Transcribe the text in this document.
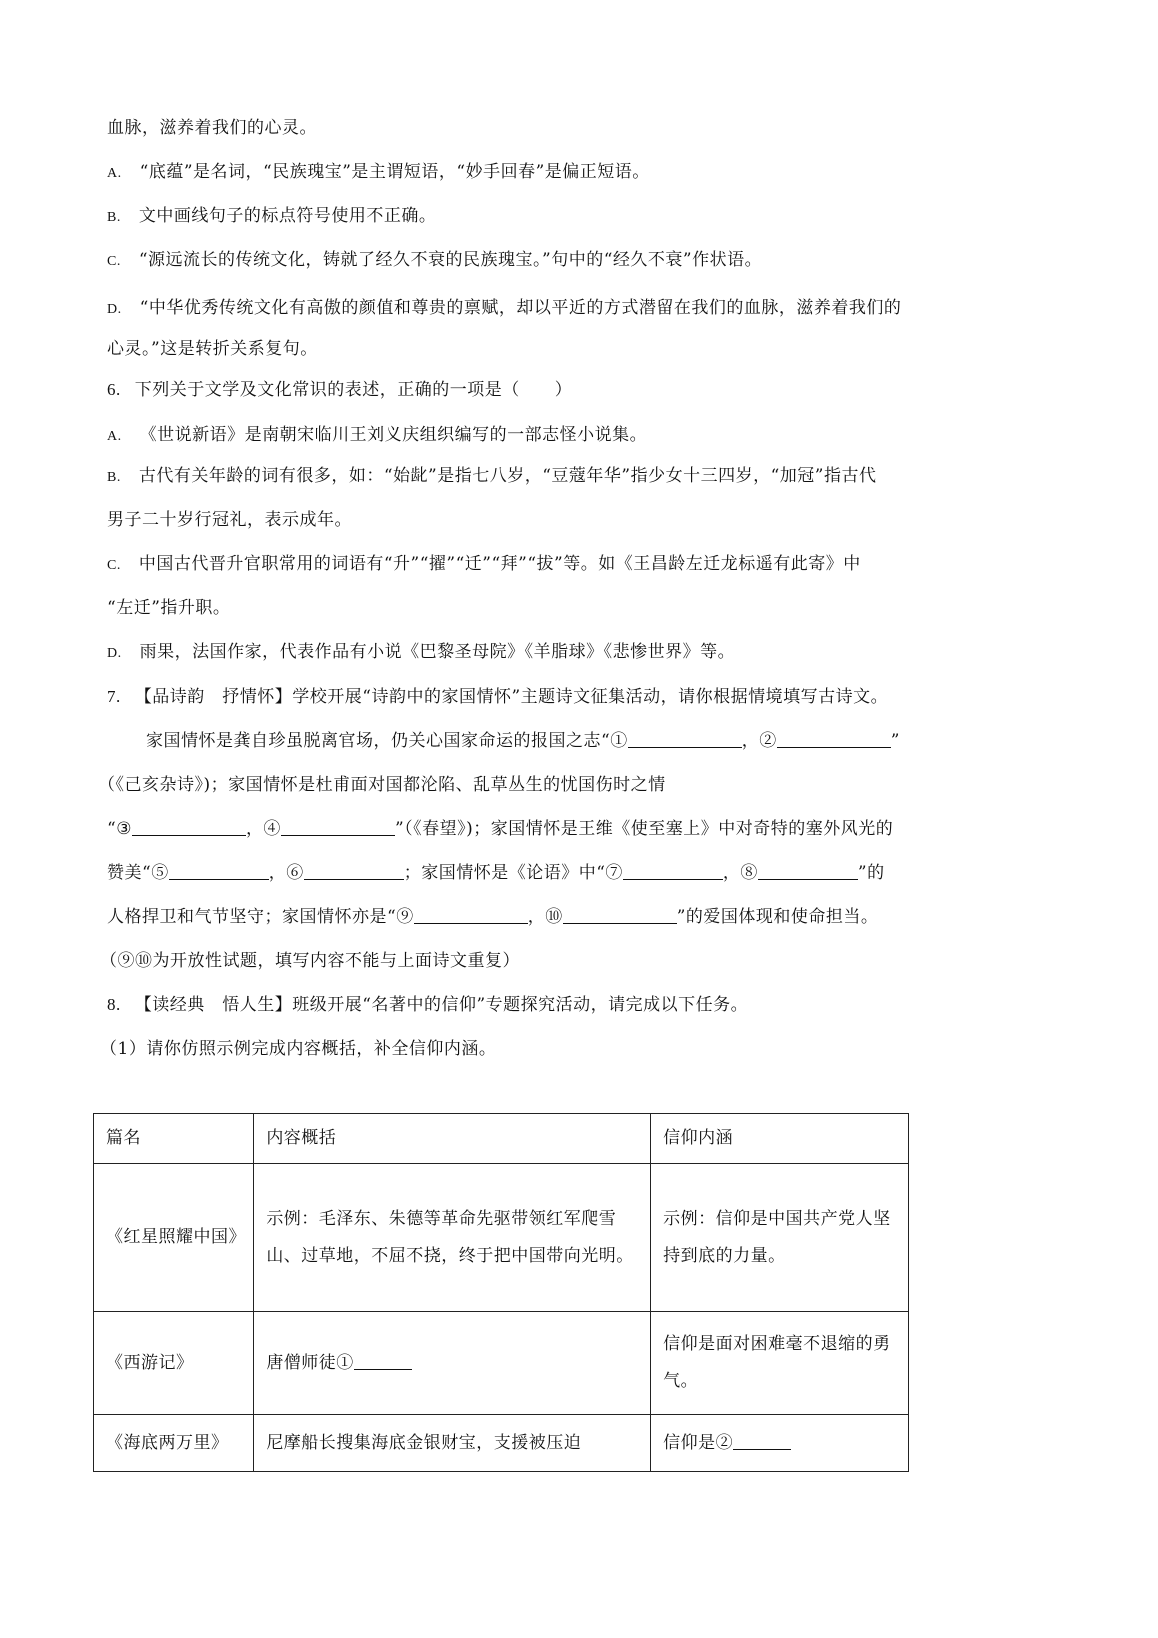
血脉，滋养着我们的心灵。
A. “底蕴”是名词，“民族瑰宝”是主谓短语，“妙手回春”是偏正短语。
B. 文中画线句子的标点符号使用不正确。
C. “源远流长的传统文化，铸就了经久不衰的民族瑰宝。”句中的“经久不衰”作状语。
D. “中华优秀传统文化有高傲的颜值和尊贵的禀赋，却以平近的方式潜留在我们的血脉，滋养着我们的
心灵。”这是转折关系复句。
6. 下列关于文学及文化常识的表述，正确的一项是（　　）
A. 《世说新语》是南朝宋临川王刘义庆组织编写的一部志怪小说集。
B. 古代有关年龄的词有很多，如：“始龀”是指七八岁，“豆蔻年华”指少女十三四岁，“加冠”指古代
男子二十岁行冠礼，表示成年。
C. 中国古代晋升官职常用的词语有“升”“擢”“迁”“拜”“拔”等。如《王昌龄左迁龙标遥有此寄》中
“左迁”指升职。
D. 雨果，法国作家，代表作品有小说《巴黎圣母院》《羊脂球》《悲惨世界》等。
7. 【品诗韵　抒情怀】学校开展“诗韵中的家国情怀”主题诗文征集活动，请你根据情境填写古诗文。
家国情怀是龚自珍虽脱离官场，仍关心国家命运的报国之志“①	，②	”
（《己亥杂诗》)；家国情怀是杜甫面对国都沦陷、乱草丛生的忧国伤时之情
“③	，④	”（《春望》)；家国情怀是王维《使至塞上》中对奇特的塞外风光的
赞美“⑤	，⑥	；家国情怀是《论语》中“⑦	，⑧	”的
人格捍卫和气节坚守；家国情怀亦是“⑨	，⑩	”的爱国体现和使命担当。
（⑨⑩为开放性试题，填写内容不能与上面诗文重复）
8. 【读经典　悟人生】班级开展“名著中的信仰”专题探究活动，请完成以下任务。
（1）请你仿照示例完成内容概括，补全信仰内涵。
篇名	内容概括	信仰内涵
《红星照耀中国》	示例：毛泽东、朱德等革命先驱带领红军爬雪山、过草地，不屈不挠，终于把中国带向光明。	示例：信仰是中国共产党人坚持到底的力量。
《西游记》	唐僧师徒①	信仰是面对困难毫不退缩的勇气。
《海底两万里》	尼摩船长搜集海底金银财宝，支援被压迫	信仰是②
